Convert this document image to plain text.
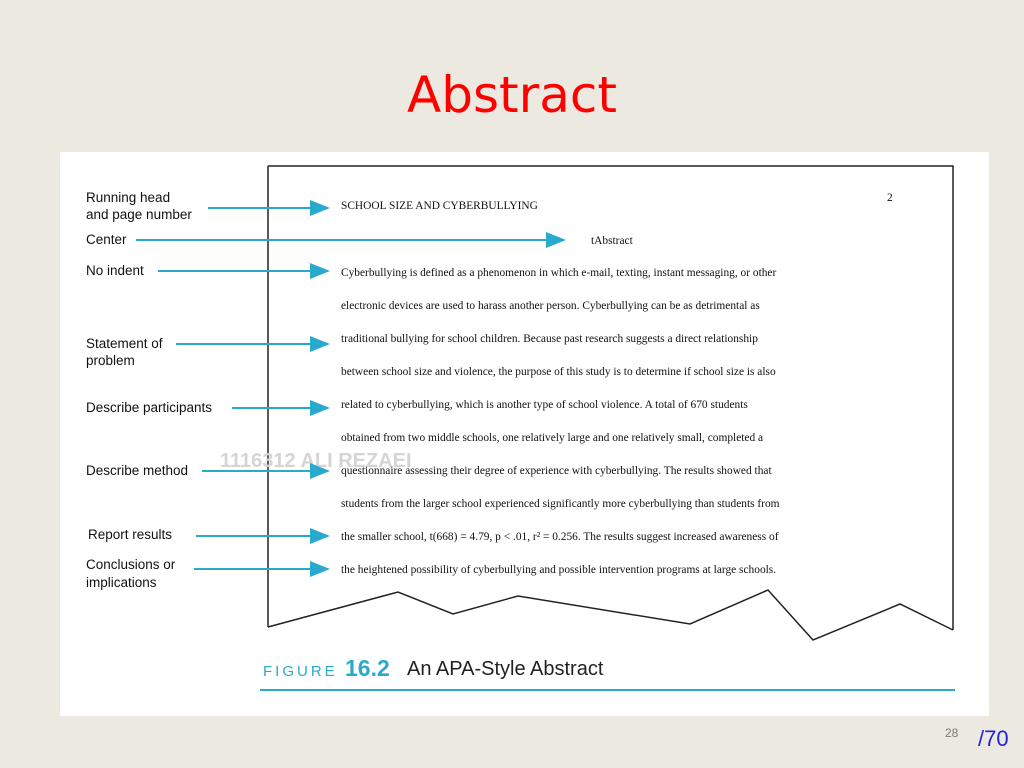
Abstract
1116312 ALI REZAEI
Running head
and page number
Center
No indent
Statement of
problem
Describe participants
Describe method
Report results
Conclusions or
implications
SCHOOL SIZE AND CYBERBULLYING
2
tAbstract
Cyberbullying is defined as a phenomenon in which e-mail, texting, instant messaging, or other
electronic devices are used to harass another person. Cyberbullying can be as detrimental as
traditional bullying for school children. Because past research suggests a direct relationship
between school size and violence, the purpose of this study is to determine if school size is also
related to cyberbullying, which is another type of school violence. A total of 670 students
obtained from two middle schools, one relatively large and one relatively small, completed a
questionnaire assessing their degree of experience with cyberbullying. The results showed that
students from the larger school experienced significantly more cyberbullying than students from
the smaller school, t(668) = 4.79, p < .01, r² = 0.256. The results suggest increased awareness of
the heightened possibility of cyberbullying and possible intervention programs at large schools.
FIGURE 16.2 An APA-Style Abstract
28 /70
